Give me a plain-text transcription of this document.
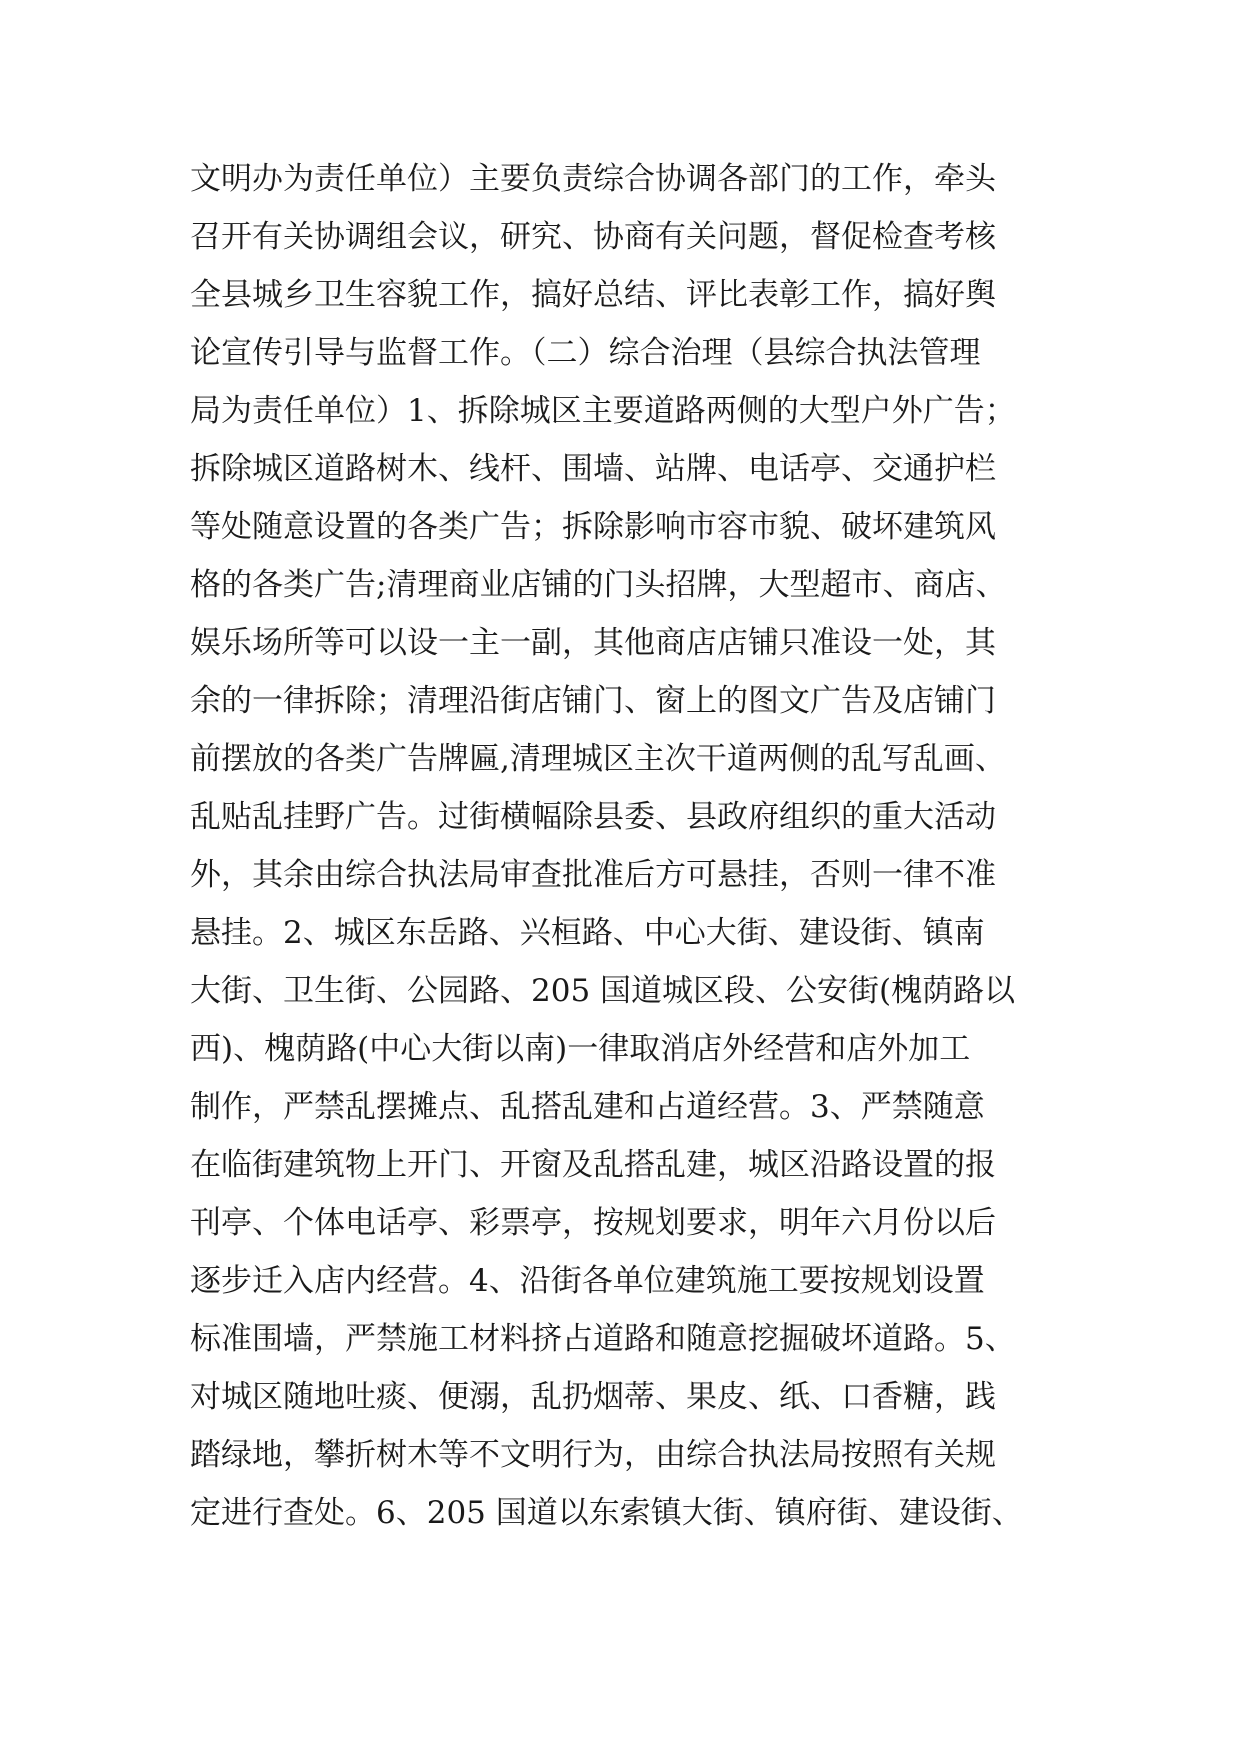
文明办为责任单位）主要负责综合协调各部门的工作，牵头
召开有关协调组会议，研究、协商有关问题，督促检查考核
全县城乡卫生容貌工作，搞好总结、评比表彰工作，搞好舆
论宣传引导与监督工作。（二）综合治理（县综合执法管理
局为责任单位）1、拆除城区主要道路两侧的大型户外广告；
拆除城区道路树木、线杆、围墙、站牌、电话亭、交通护栏
等处随意设置的各类广告；拆除影响市容市貌、破坏建筑风
格的各类广告;清理商业店铺的门头招牌，大型超市、商店、
娱乐场所等可以设一主一副，其他商店店铺只准设一处，其
余的一律拆除；清理沿街店铺门、窗上的图文广告及店铺门
前摆放的各类广告牌匾,清理城区主次干道两侧的乱写乱画、
乱贴乱挂野广告。过街横幅除县委、县政府组织的重大活动
外，其余由综合执法局审查批准后方可悬挂，否则一律不准
悬挂。2、城区东岳路、兴桓路、中心大街、建设街、镇南
大街、卫生街、公园路、205 国道城区段、公安街(槐荫路以
西)、槐荫路(中心大街以南)一律取消店外经营和店外加工
制作，严禁乱摆摊点、乱搭乱建和占道经营。3、严禁随意
在临街建筑物上开门、开窗及乱搭乱建，城区沿路设置的报
刊亭、个体电话亭、彩票亭，按规划要求，明年六月份以后
逐步迁入店内经营。4、沿街各单位建筑施工要按规划设置
标准围墙，严禁施工材料挤占道路和随意挖掘破坏道路。5、
对城区随地吐痰、便溺，乱扔烟蒂、果皮、纸、口香糖，践
踏绿地，攀折树木等不文明行为，由综合执法局按照有关规
定进行查处。6、205 国道以东索镇大街、镇府街、建设街、
